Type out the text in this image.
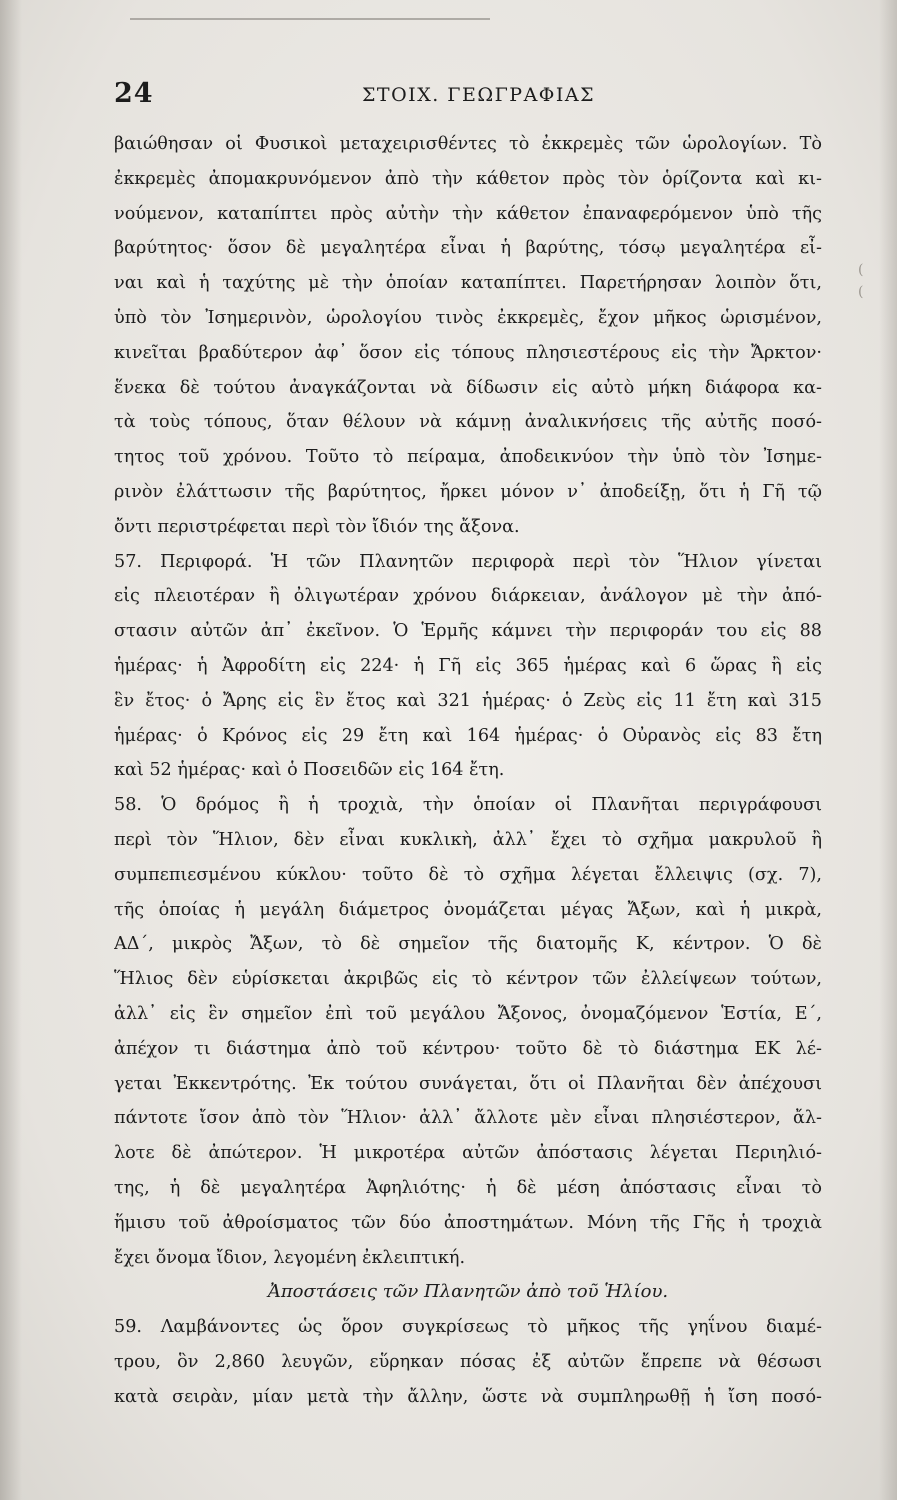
24	ΣΤΟΙΧ. ΓΕΩΓΡΑΦΙΑΣ
βαιώθησαν οἱ Φυσικοὶ μεταχειρισθέντες τὸ ἐκκρεμὲς τῶν ὡρολογίων. Τὸ
ἐκκρεμὲς ἀπομακρυνόμενον ἀπὸ τὴν κάθετον πρὸς τὸν ὁρίζοντα καὶ κι-
νούμενον, καταπίπτει πρὸς αὐτὴν τὴν κάθετον ἐπαναφερόμενον ὑπὸ τῆς
βαρύτητος· ὅσον δὲ μεγαλητέρα εἶναι ἡ βαρύτης, τόσῳ μεγαλητέρα εἶ-
ναι καὶ ἡ ταχύτης μὲ τὴν ὁποίαν καταπίπτει. Παρετήρησαν λοιπὸν ὅτι,
ὑπὸ τὸν Ἰσημερινὸν, ὡρολογίου τινὸς ἐκκρεμὲς, ἔχον μῆκος ὡρισμένον,
κινεῖται βραδύτερον ἀφ᾽ ὅσον εἰς τόπους πλησιεστέρους εἰς τὴν Ἄρκτον·
ἕνεκα δὲ τούτου ἀναγκάζονται νὰ δίδωσιν εἰς αὐτὸ μήκη διάφορα κα-
τὰ τοὺς τόπους, ὅταν θέλουν νὰ κάμνῃ ἀναλικνήσεις τῆς αὐτῆς ποσό-
τητος τοῦ χρόνου. Τοῦτο τὸ πείραμα, ἀποδεικνύον τὴν ὑπὸ τὸν Ἰσημε-
ρινὸν ἐλάττωσιν τῆς βαρύτητος, ἤρκει μόνον ν᾽ ἀποδείξῃ, ὅτι ἡ Γῆ τῷ
ὄντι περιστρέφεται περὶ τὸν ἴδιόν της ἄξονα.
57. Περιφορά. Ἡ τῶν Πλανητῶν περιφορὰ περὶ τὸν Ἥλιον γίνεται
εἰς πλειοτέραν ἢ ὀλιγωτέραν χρόνου διάρκειαν, ἀνάλογον μὲ τὴν ἀπό-
στασιν αὐτῶν ἀπ᾽ ἐκεῖνον. Ὁ Ἑρμῆς κάμνει τὴν περιφοράν του εἰς 88
ἡμέρας· ἡ Ἀφροδίτη εἰς 224· ἡ Γῆ εἰς 365 ἡμέρας καὶ 6 ὥρας ἢ εἰς
ἓν ἔτος· ὁ Ἄρης εἰς ἓν ἔτος καὶ 321 ἡμέρας· ὁ Ζεὺς εἰς 11 ἔτη καὶ 315
ἡμέρας· ὁ Κρόνος εἰς 29 ἔτη καὶ 164 ἡμέρας· ὁ Οὐρανὸς εἰς 83 ἔτη
καὶ 52 ἡμέρας· καὶ ὁ Ποσειδῶν εἰς 164 ἔτη.
58. Ὁ δρόμος ἢ ἡ τροχιὰ, τὴν ὁποίαν οἱ Πλανῆται περιγράφουσι
περὶ τὸν Ἥλιον, δὲν εἶναι κυκλικὴ, ἀλλ᾽ ἔχει τὸ σχῆμα μακρυλοῦ ἢ
συμπεπιεσμένου κύκλου· τοῦτο δὲ τὸ σχῆμα λέγεται ἔλλειψις (σχ. 7),
τῆς ὁποίας ἡ μεγάλη διάμετρος ὀνομάζεται μέγας Ἄξων, καὶ ἡ μικρὰ,
ΑΔ´, μικρὸς Ἄξων, τὸ δὲ σημεῖον τῆς διατομῆς Κ, κέντρον. Ὁ δὲ
Ἥλιος δὲν εὑρίσκεται ἀκριβῶς εἰς τὸ κέντρον τῶν ἐλλείψεων τούτων,
ἀλλ᾽ εἰς ἓν σημεῖον ἐπὶ τοῦ μεγάλου Ἄξονος, ὀνομαζόμενον Ἑστία, Ε´,
ἀπέχον τι διάστημα ἀπὸ τοῦ κέντρου· τοῦτο δὲ τὸ διάστημα ΕΚ λέ-
γεται Ἐκκεντρότης. Ἐκ τούτου συνάγεται, ὅτι οἱ Πλανῆται δὲν ἀπέχουσι
πάντοτε ἴσον ἀπὸ τὸν Ἥλιον· ἀλλ᾽ ἄλλοτε μὲν εἶναι πλησιέστερον, ἄλ-
λοτε δὲ ἀπώτερον. Ἡ μικροτέρα αὐτῶν ἀπόστασις λέγεται Περιηλιό-
της, ἡ δὲ μεγαλητέρα Ἀφηλιότης· ἡ δὲ μέση ἀπόστασις εἶναι τὸ
ἥμισυ τοῦ ἀθροίσματος τῶν δύο ἀποστημάτων. Μόνη τῆς Γῆς ἡ τροχιὰ
ἔχει ὄνομα ἴδιον, λεγομένη ἐκλειπτική.
Ἀποστάσεις τῶν Πλανητῶν ἀπὸ τοῦ Ἡλίου.
59. Λαμβάνοντες ὡς ὅρον συγκρίσεως τὸ μῆκος τῆς γηΐνου διαμέ-
τρου, ὃν 2,860 λευγῶν, εὕρηκαν πόσας ἐξ αὐτῶν ἔπρεπε νὰ θέσωσι
κατὰ σειρὰν, μίαν μετὰ τὴν ἄλλην, ὥστε νὰ συμπληρωθῇ ἡ ἴση ποσό-
(
(
